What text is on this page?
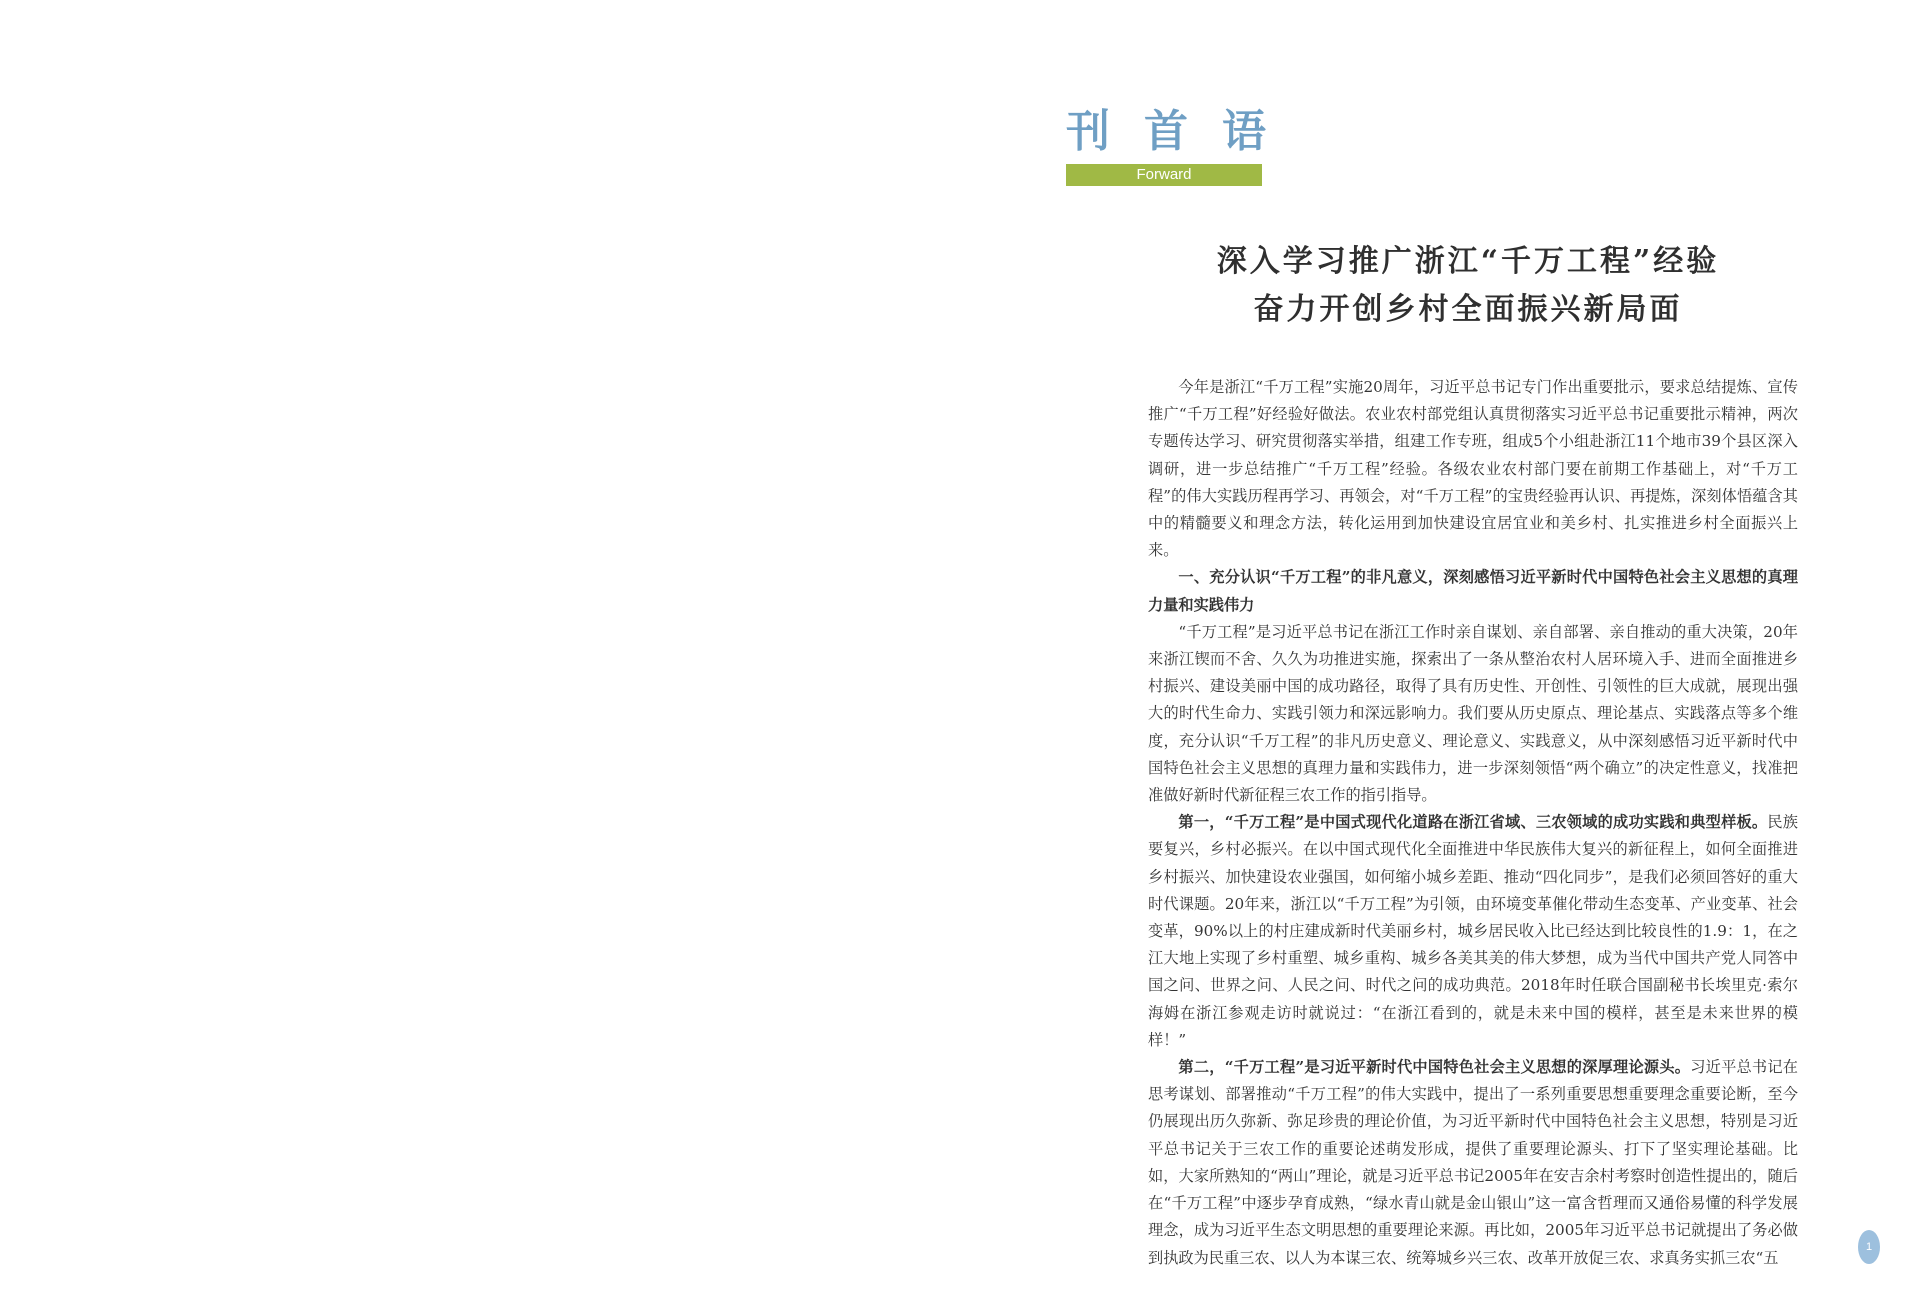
刊 首 语
Forward
深入学习推广浙江“千万工程”经验
奋力开创乡村全面振兴新局面

今年是浙江“千万工程”实施20周年，习近平总书记专门作出重要批示，要求总结提炼、宣传推广“千万工程”好经验好做法。农业农村部党组认真贯彻落实习近平总书记重要批示精神，两次专题传达学习、研究贯彻落实举措，组建工作专班，组成5个小组赴浙江11个地市39个县区深入调研，进一步总结推广“千万工程”经验。各级农业农村部门要在前期工作基础上，对“千万工程”的伟大实践历程再学习、再领会，对“千万工程”的宝贵经验再认识、再提炼，深刻体悟蕴含其中的精髓要义和理念方法，转化运用到加快建设宜居宜业和美乡村、扎实推进乡村全面振兴上来。

一、充分认识“千万工程”的非凡意义，深刻感悟习近平新时代中国特色社会主义思想的真理力量和实践伟力

“千万工程”是习近平总书记在浙江工作时亲自谋划、亲自部署、亲自推动的重大决策，20年来浙江锲而不舍、久久为功推进实施，探索出了一条从整治农村人居环境入手、进而全面推进乡村振兴、建设美丽中国的成功路径，取得了具有历史性、开创性、引领性的巨大成就，展现出强大的时代生命力、实践引领力和深远影响力。我们要从历史原点、理论基点、实践落点等多个维度，充分认识“千万工程”的非凡历史意义、理论意义、实践意义，从中深刻感悟习近平新时代中国特色社会主义思想的真理力量和实践伟力，进一步深刻领悟“两个确立”的决定性意义，找准把准做好新时代新征程三农工作的指引指导。

第一，“千万工程”是中国式现代化道路在浙江省域、三农领域的成功实践和典型样板。民族要复兴，乡村必振兴。在以中国式现代化全面推进中华民族伟大复兴的新征程上，如何全面推进乡村振兴、加快建设农业强国，如何缩小城乡差距、推动“四化同步”，是我们必须回答好的重大时代课题。20年来，浙江以“千万工程”为引领，由环境变革催化带动生态变革、产业变革、社会变革，90%以上的村庄建成新时代美丽乡村，城乡居民收入比已经达到比较良性的1.9：1，在之江大地上实现了乡村重塑、城乡重构、城乡各美其美的伟大梦想，成为当代中国共产党人同答中国之问、世界之问、人民之问、时代之问的成功典范。2018年时任联合国副秘书长埃里克·索尔海姆在浙江参观走访时就说过：“在浙江看到的，就是未来中国的模样，甚至是未来世界的模样！”

第二，“千万工程”是习近平新时代中国特色社会主义思想的深厚理论源头。习近平总书记在思考谋划、部署推动“千万工程”的伟大实践中，提出了一系列重要思想重要理念重要论断，至今仍展现出历久弥新、弥足珍贵的理论价值，为习近平新时代中国特色社会主义思想，特别是习近平总书记关于三农工作的重要论述萌发形成，提供了重要理论源头、打下了坚实理论基础。比如，大家所熟知的“两山”理论，就是习近平总书记2005年在安吉余村考察时创造性提出的，随后在“千万工程”中逐步孕育成熟，“绿水青山就是金山银山”这一富含哲理而又通俗易懂的科学发展理念，成为习近平生态文明思想的重要理论来源。再比如，2005年习近平总书记就提出了务必做到执政为民重三农、以人为本谋三农、统筹城乡兴三农、改革开放促三农、求真务实抓三农“五

1
